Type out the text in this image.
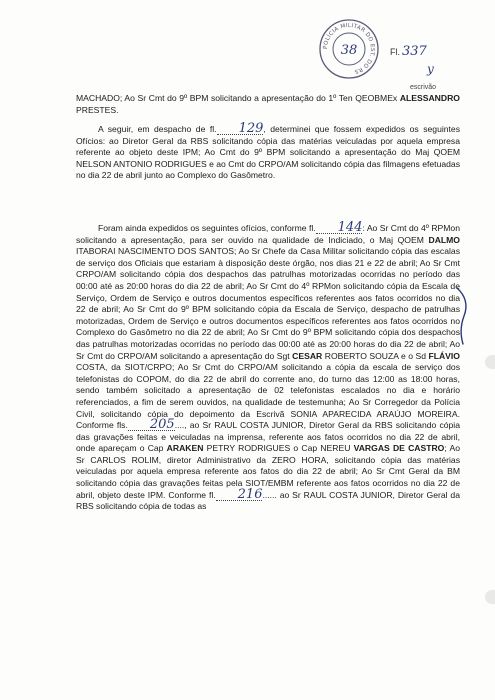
POLÍCIA MILITAR DO EST. DO RS
38	Fl. 337
y
escrivão

MACHADO; Ao Sr Cmt do 9º BPM solicitando a apresentação do 1º Ten QEOBMEx ALESSANDRO PRESTES.

A seguir, em despacho de fl. 129, determinei que fossem expedidos os seguintes Ofícios: ao Diretor Geral da RBS solicitando cópia das matérias veiculadas por aquela empresa referente ao objeto deste IPM; Ao Cmt do 9º BPM solicitando a apresentação do Maj QOEM NELSON ANTONIO RODRIGUES e ao Cmt do CRPO/AM solicitando cópia das filmagens efetuadas no dia 22 de abril junto ao Complexo do Gasômetro.

Foram ainda expedidos os seguintes ofícios, conforme fl. 144: Ao Sr Cmt do 4º RPMon solicitando a apresentação, para ser ouvido na qualidade de Indiciado, o Maj QOEM DALMO ITABORAI NASCIMENTO DOS SANTOS; Ao Sr Chefe da Casa Militar solicitando cópia das escalas de serviço dos Oficiais que estariam à disposição deste órgão, nos dias 21 e 22 de abril; Ao Sr Cmt CRPO/AM solicitando cópia dos despachos das patrulhas motorizadas ocorridas no período das 00:00 até as 20:00 horas do dia 22 de abril; Ao Sr Cmt do 4º RPMon solicitando cópia da Escala de Serviço, Ordem de Serviço e outros documentos específicos referentes aos fatos ocorridos no dia 22 de abril; Ao Sr Cmt do 9º BPM solicitando cópia da Escala de Serviço, despacho de patrulhas motorizadas, Ordem de Serviço e outros documentos específicos referentes aos fatos ocorridos no Complexo do Gasômetro no dia 22 de abril; Ao Sr Cmt do 9º BPM solicitando cópia dos despachos das patrulhas motorizadas ocorridas no período das 00:00 até as 20:00 horas do dia 22 de abril; Ao Sr Cmt do CRPO/AM solicitando a apresentação do Sgt CESAR ROBERTO SOUZA e o Sd FLÁVIO COSTA, da SIOT/CRPO; Ao Sr Cmt do CRPO/AM solicitando a cópia da escala de serviço dos telefonistas do COPOM, do dia 22 de abril do corrente ano, do turno das 12:00 as 18:00 horas, sendo também solicitado a apresentação de 02 telefonistas escalados no dia e horário referenciados, a fim de serem ouvidos, na qualidade de testemunha; Ao Sr Corregedor da Polícia Civil, solicitando cópia do depoimento da Escrivã SONIA APARECIDA ARAÚJO MOREIRA. Conforme fls. 205...., ao Sr RAUL COSTA JUNIOR, Diretor Geral da RBS solicitando cópia das gravações feitas e veiculadas na imprensa, referente aos fatos ocorridos no dia 22 de abril, onde apareçam o Cap ARAKEN PETRY RODRIGUES o Cap NEREU VARGAS DE CASTRO; Ao Sr CARLOS ROLIM, diretor Administrativo da ZERO HORA, solicitando cópia das matérias veiculadas por aquela empresa referente aos fatos do dia 22 de abril; Ao Sr Cmt Geral da BM solicitando cópia das gravações feitas pela SIOT/EMBM referente aos fatos ocorridos no dia 22 de abril, objeto deste IPM. Conforme fl. 216...... ao Sr RAUL COSTA JUNIOR, Diretor Geral da RBS solicitando cópia de todas as
